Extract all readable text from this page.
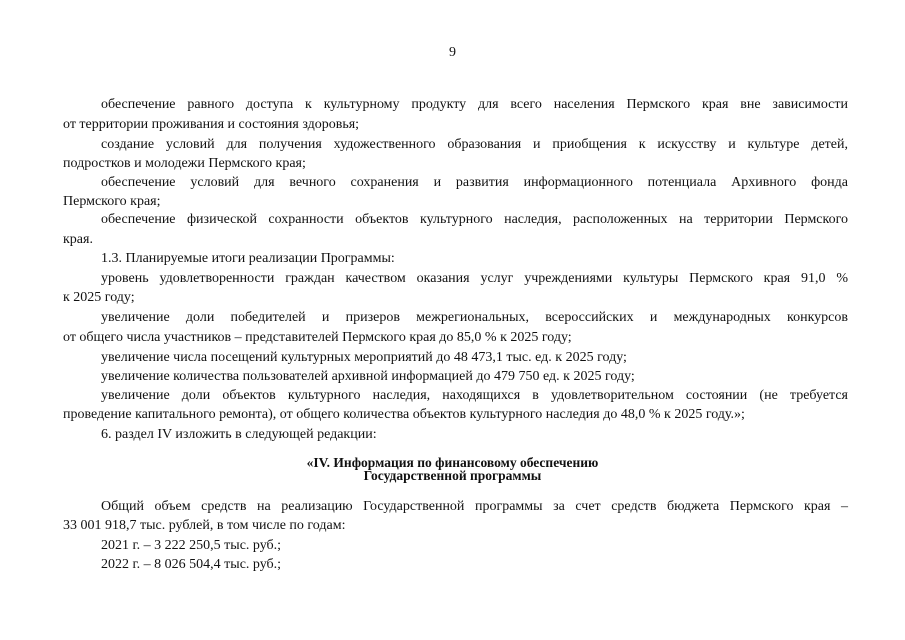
9
обеспечение равного доступа к культурному продукту для всего населения Пермского края вне зависимости
от территории проживания и состояния здоровья;
создание условий для получения художественного образования и приобщения к искусству и культуре детей,
подростков и молодежи Пермского края;
обеспечение условий для вечного сохранения и развития информационного потенциала Архивного фонда
Пермского края;
обеспечение физической сохранности объектов культурного наследия, расположенных на территории Пермского
края.
1.3. Планируемые итоги реализации Программы:
уровень удовлетворенности граждан качеством оказания услуг учреждениями культуры Пермского края 91,0 %
к 2025 году;
увеличение доли победителей и призеров межрегиональных, всероссийских и международных конкурсов
от общего числа участников – представителей Пермского края до 85,0 % к 2025 году;
увеличение числа посещений культурных мероприятий до 48 473,1 тыс. ед. к 2025 году;
увеличение количества пользователей архивной информацией до 479 750 ед. к 2025 году;
увеличение доли объектов культурного наследия, находящихся в удовлетворительном состоянии (не требуется
проведение капитального ремонта), от общего количества объектов культурного наследия до 48,0 % к 2025 году.»;
6. раздел IV изложить в следующей редакции:
«IV. Информация по финансовому обеспечению
Государственной программы
Общий объем средств на реализацию Государственной программы за счет средств бюджета Пермского края –
33 001 918,7 тыс. рублей, в том числе по годам:
2021 г. – 3 222 250,5 тыс. руб.;
2022 г. – 8 026 504,4 тыс. руб.;
